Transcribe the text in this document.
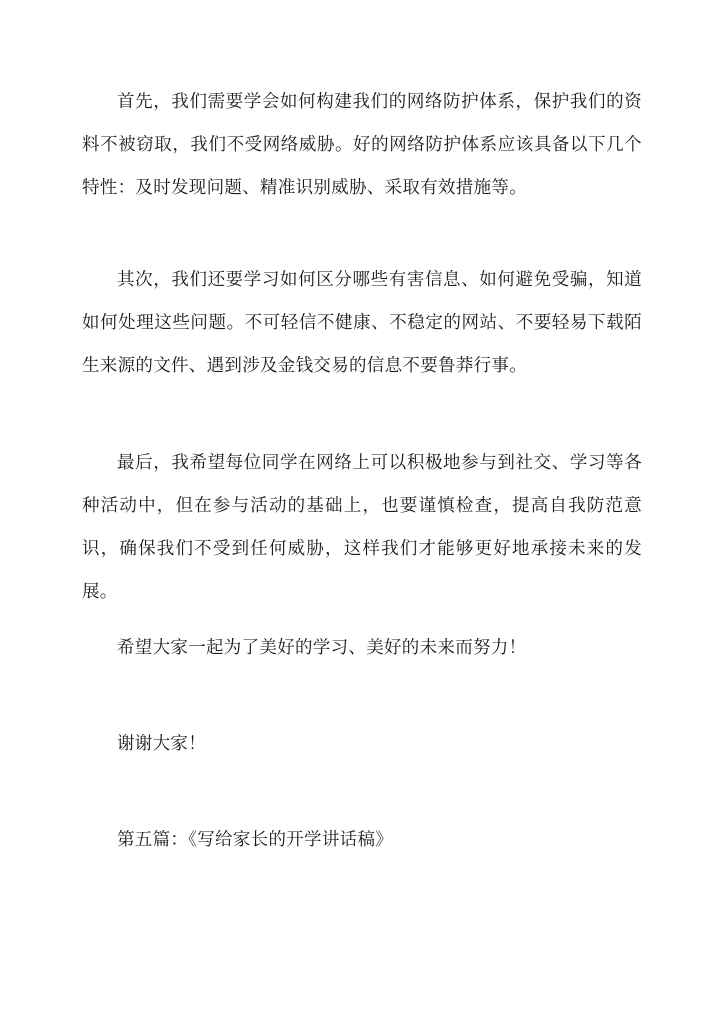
首先，我们需要学会如何构建我们的网络防护体系，保护我们的资料不被窃取，我们不受网络威胁。好的网络防护体系应该具备以下几个特性：及时发现问题、精准识别威胁、采取有效措施等。

其次，我们还要学习如何区分哪些有害信息、如何避免受骗，知道如何处理这些问题。不可轻信不健康、不稳定的网站、不要轻易下载陌生来源的文件、遇到涉及金钱交易的信息不要鲁莽行事。

最后，我希望每位同学在网络上可以积极地参与到社交、学习等各种活动中，但在参与活动的基础上，也要谨慎检查，提高自我防范意识，确保我们不受到任何威胁，这样我们才能够更好地承接未来的发展。

希望大家一起为了美好的学习、美好的未来而努力！

谢谢大家！

第五篇：《写给家长的开学讲话稿》
